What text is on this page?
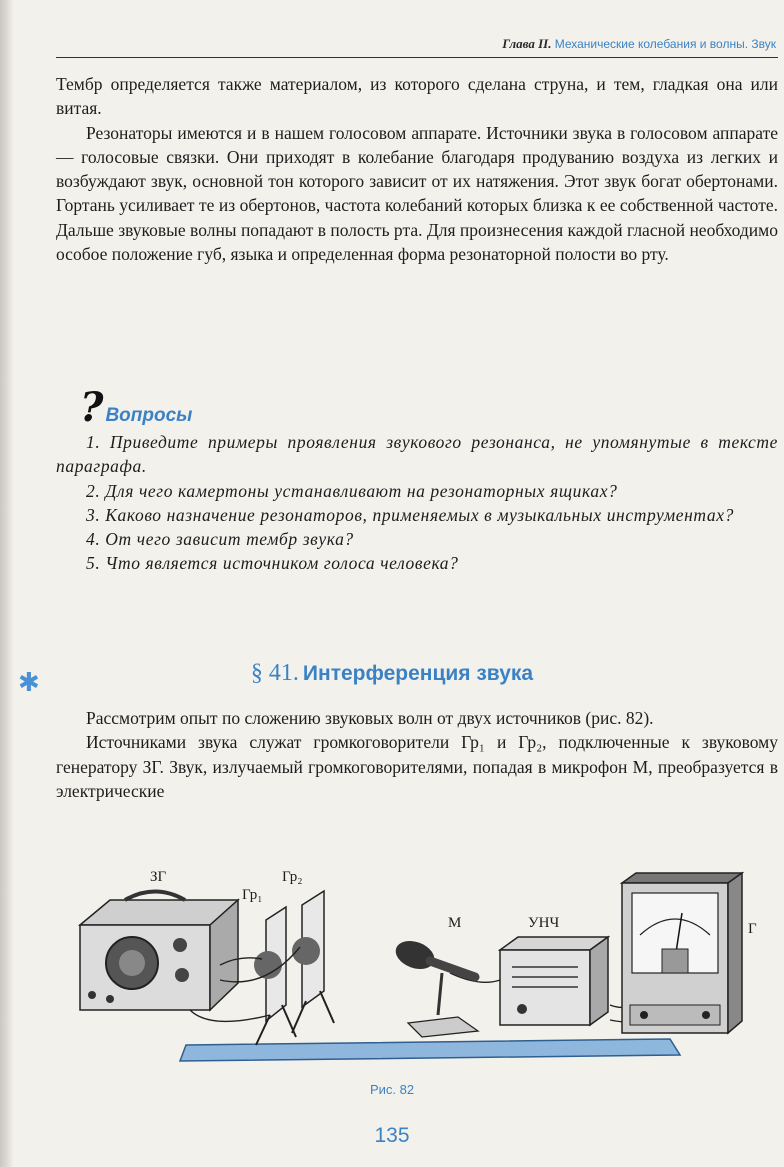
Глава II. Механические колебания и волны. Звук

Тембр определяется также материалом, из которого сделана струна, и тем, гладкая она или витая.

Резонаторы имеются и в нашем голосовом аппарате. Источники звука в голосовом аппарате — голосовые связки. Они приходят в колебание благодаря продуванию воздуха из легких и возбуждают звук, основной тон которого зависит от их натяжения. Этот звук богат обертонами. Гортань усиливает те из обертонов, частота колебаний которых близка к ее собственной частоте. Дальше звуковые волны попадают в полость рта. Для произнесения каждой гласной необходимо особое положение губ, языка и определенная форма резонаторной полости во рту.

? Вопросы

1. Приведите примеры проявления звукового резонанса, не упомянутые в тексте параграфа.

2. Для чего камертоны устанавливают на резонаторных ящиках?

3. Каково назначение резонаторов, применяемых в музыкальных инструментах?

4. От чего зависит тембр звука?

5. Что является источником голоса человека?

✱	§ 41. Интерференция звука

Рассмотрим опыт по сложению звуковых волн от двух источников (рис. 82).

Источниками звука служат громкоговорители Гр₁ и Гр₂, подключенные к звуковому генератору ЗГ. Звук, излучаемый громкоговорителями, попадая в микрофон М, преобразуется в электрические

ЗГ
Гр₁
Гр₂
М	УНЧ	Г
Рис. 82
135
